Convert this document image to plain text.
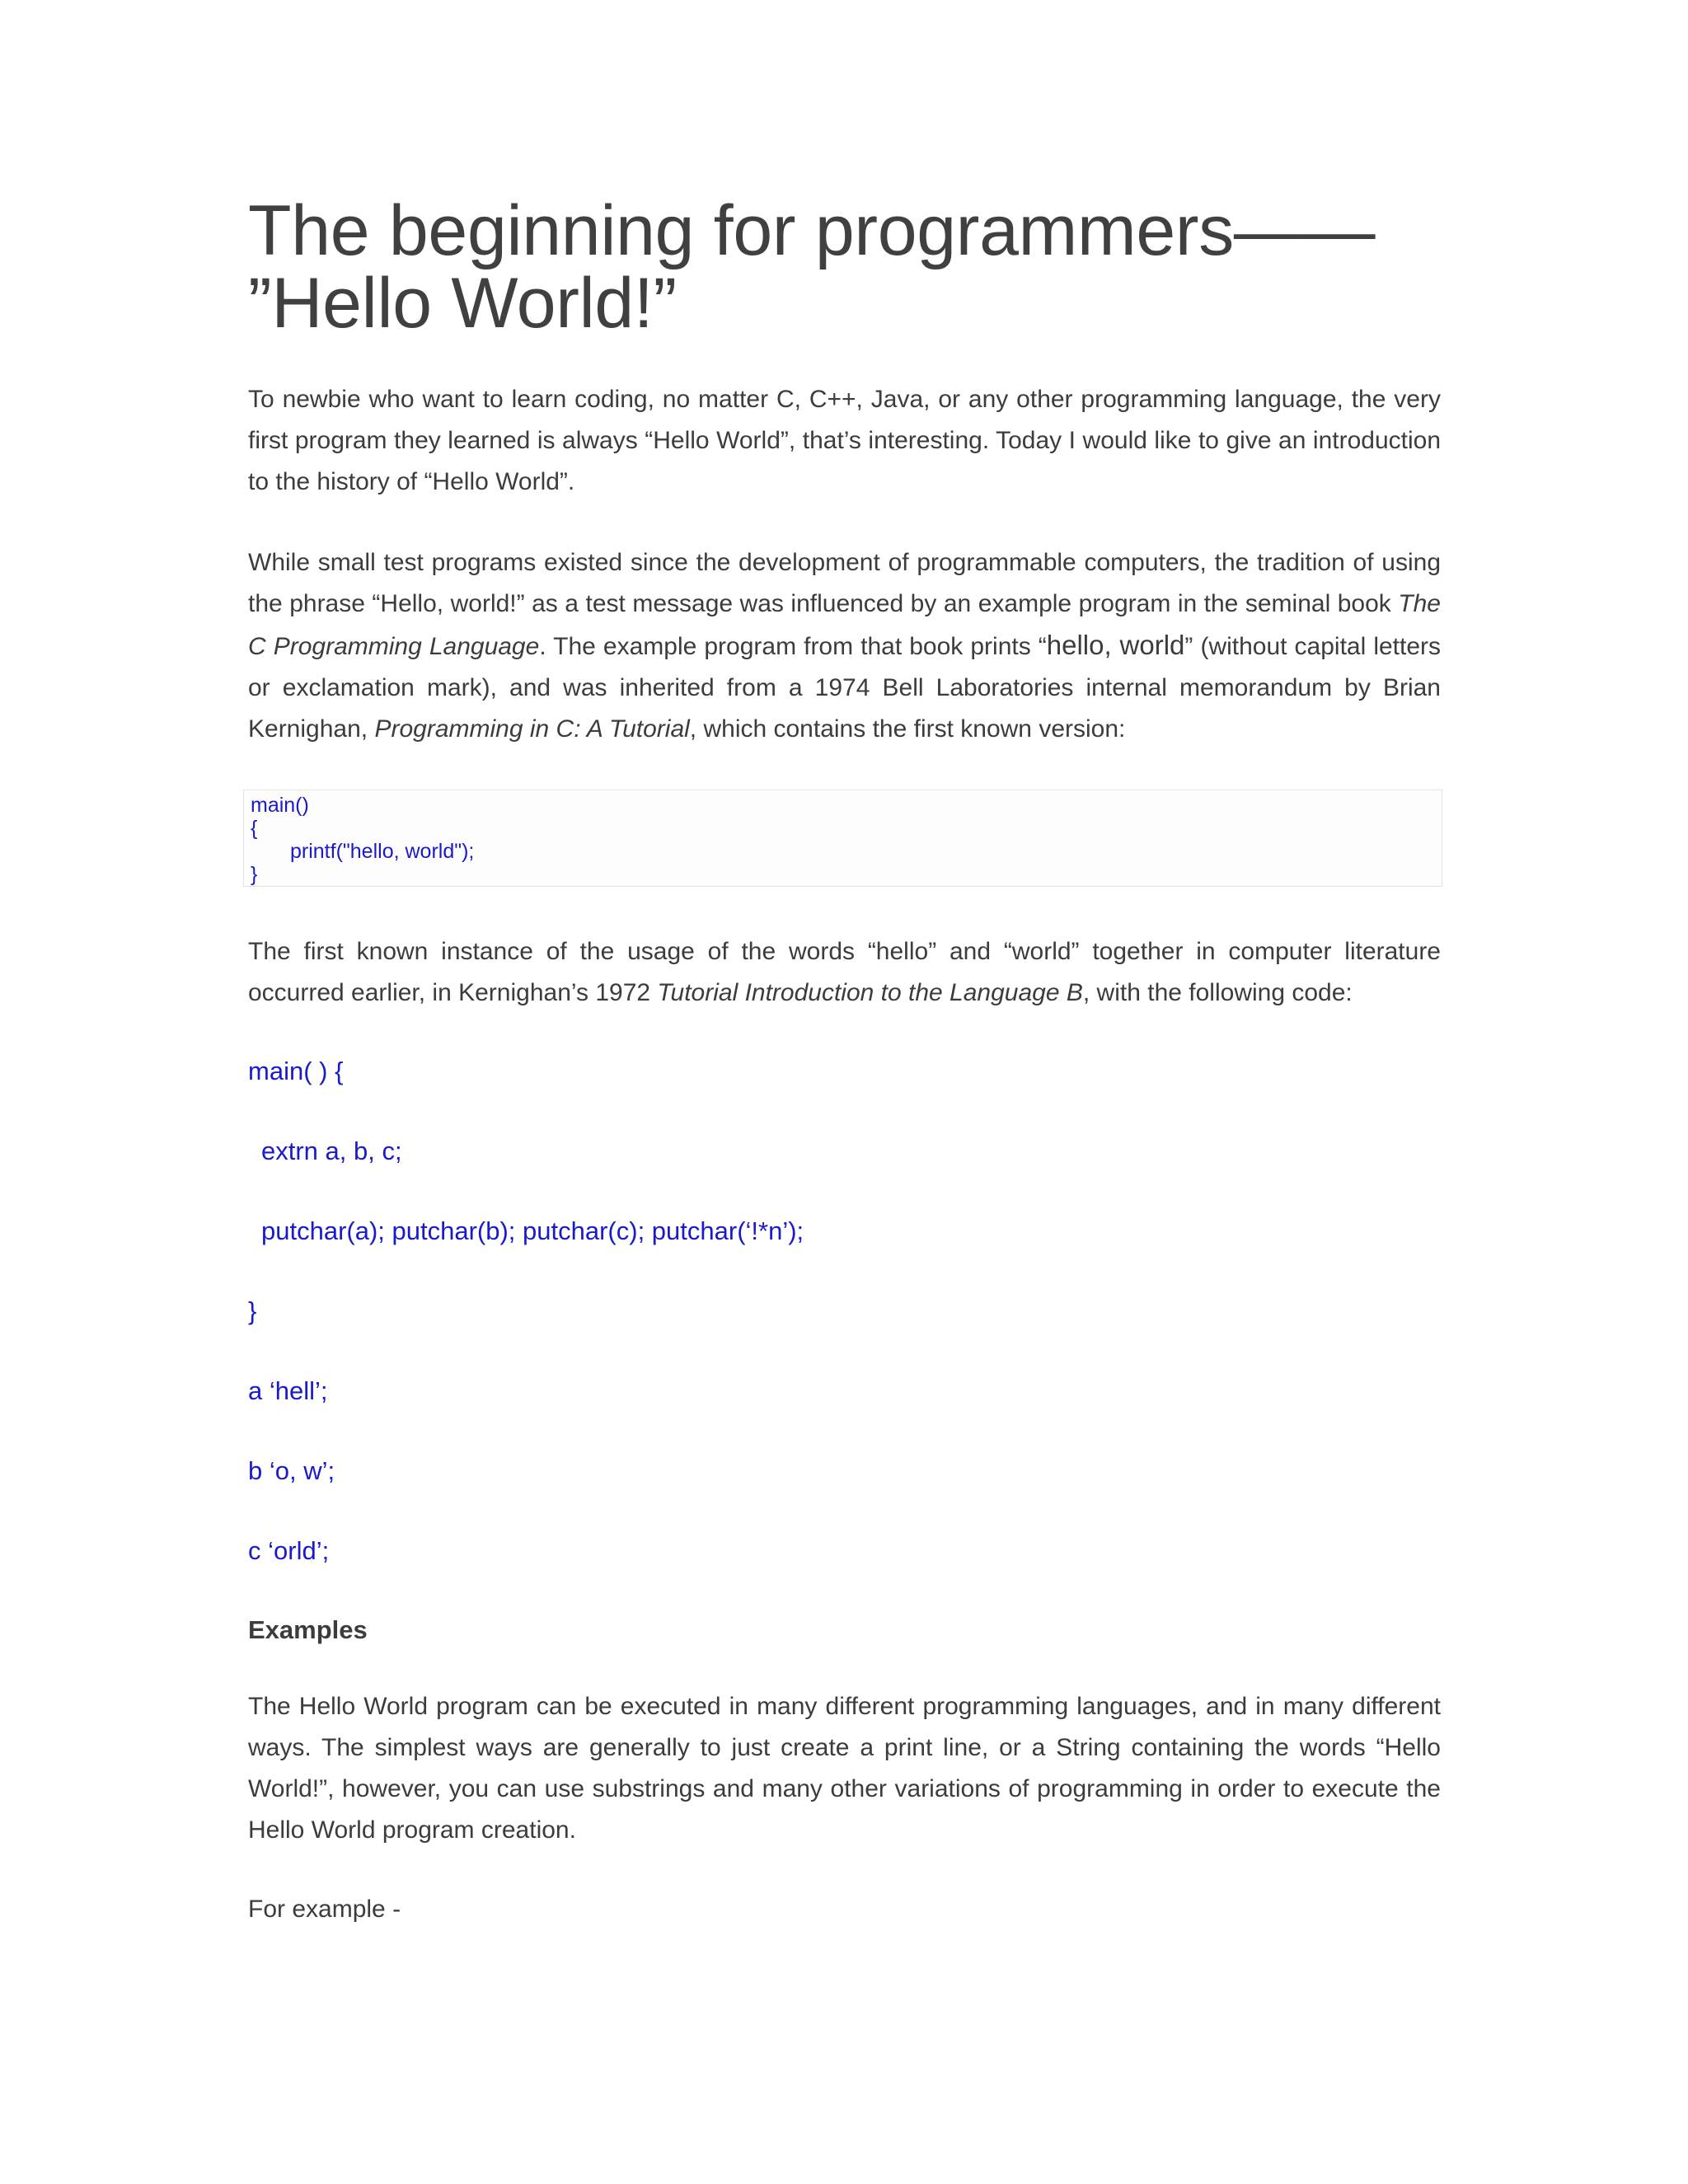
The beginning for programmers——
”Hello World!”

To newbie who want to learn coding, no matter C, C++, Java, or any other programming language, the very first program they learned is always “Hello World”, that’s interesting. Today I would like to give an introduction to the history of “Hello World”.

While small test programs existed since the development of programmable computers, the tradition of using the phrase “Hello, world!” as a test message was influenced by an example program in the seminal book The C Programming Language. The example program from that book prints “hello, world” (without capital letters or exclamation mark), and was inherited from a 1974 Bell Laboratories internal memorandum by Brian Kernighan, Programming in C: A Tutorial, which contains the first known version:

main()
{
printf("hello, world");
}

The first known instance of the usage of the words “hello” and “world” together in computer literature occurred earlier, in Kernighan’s 1972 Tutorial Introduction to the Language B, with the following code:

main( ) {
extrn a, b, c;
putchar(a); putchar(b); putchar(c); putchar(‘!*n’);
}
a ‘hell’;
b ‘o, w’;
c ‘orld’;
Examples

The Hello World program can be executed in many different programming languages, and in many different ways. The simplest ways are generally to just create a print line, or a String containing the words “Hello World!”, however, you can use substrings and many other variations of programming in order to execute the Hello World program creation.

For example -
